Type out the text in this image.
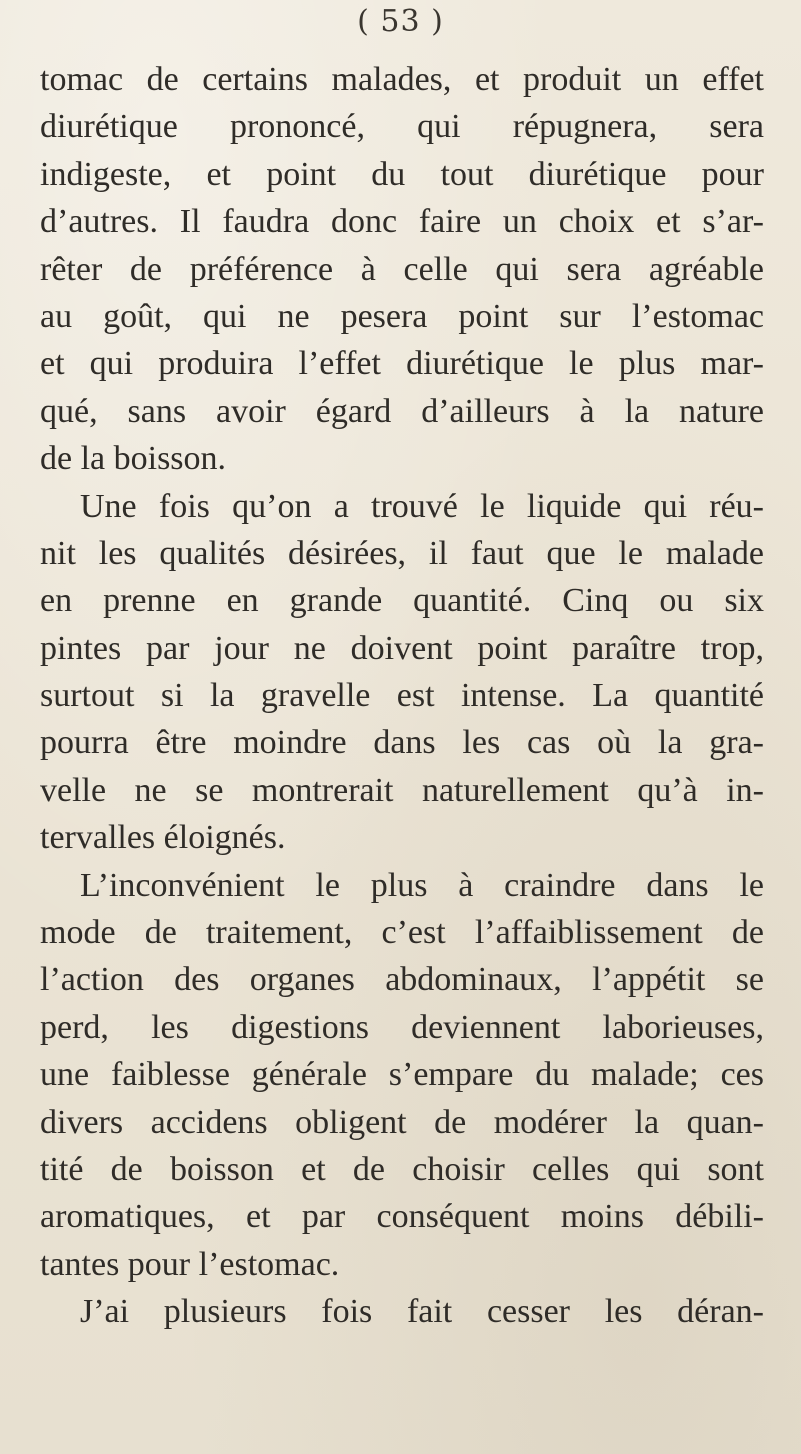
( 53 )
tomac de certains malades, et produit un effet
diurétique prononcé, qui répugnera, sera
indigeste, et point du tout diurétique pour
d’autres. Il faudra donc faire un choix et s’ar-
rêter de préférence à celle qui sera agréable
au goût, qui ne pesera point sur l’estomac
et qui produira l’effet diurétique le plus mar-
qué, sans avoir égard d’ailleurs à la nature
de la boisson.
Une fois qu’on a trouvé le liquide qui réu-
nit les qualités désirées, il faut que le malade
en prenne en grande quantité. Cinq ou six
pintes par jour ne doivent point paraître trop,
surtout si la gravelle est intense. La quantité
pourra être moindre dans les cas où la gra-
velle ne se montrerait naturellement qu’à in-
tervalles éloignés.
L’inconvénient le plus à craindre dans le
mode de traitement, c’est l’affaiblissement de
l’action des organes abdominaux, l’appétit se
perd, les digestions deviennent laborieuses,
une faiblesse générale s’empare du malade; ces
divers accidens obligent de modérer la quan-
tité de boisson et de choisir celles qui sont
aromatiques, et par conséquent moins débili-
tantes pour l’estomac.
J’ai plusieurs fois fait cesser les déran-
